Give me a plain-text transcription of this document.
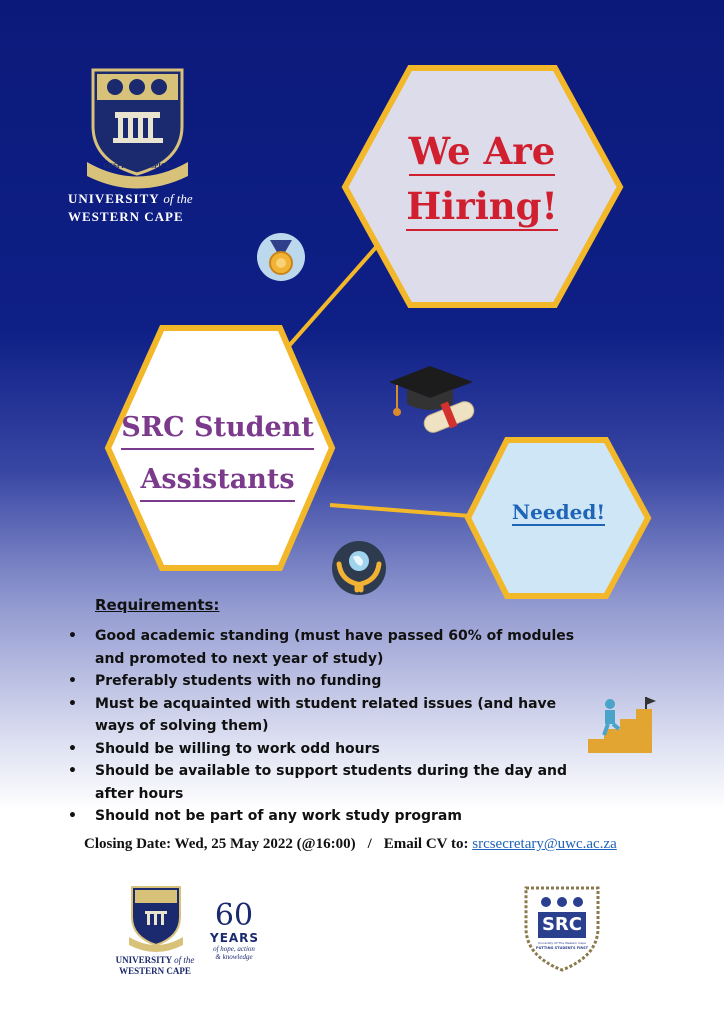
RESPICE PROSPICE
UNIVERSITY of the
WESTERN CAPE
We Are
Hiring!
SRC Student
Assistants
Needed!
Requirements:
• Good academic standing (must have passed 60% of modules and promoted to next year of study)
• Preferably students with no funding
• Must be acquainted with student related issues (and have ways of solving them)
• Should be willing to work odd hours
• Should be available to support students during the day and after hours
• Should not be part of any work study program
Closing Date: Wed, 25 May 2022 (@16:00) / Email CV to: srcsecretary@uwc.ac.za
UNIVERSITY of the
WESTERN CAPE
60
YEARS
of hope, action & knowledge
SRC
University Of The Western Cape
PUTTING STUDENTS FIRST
